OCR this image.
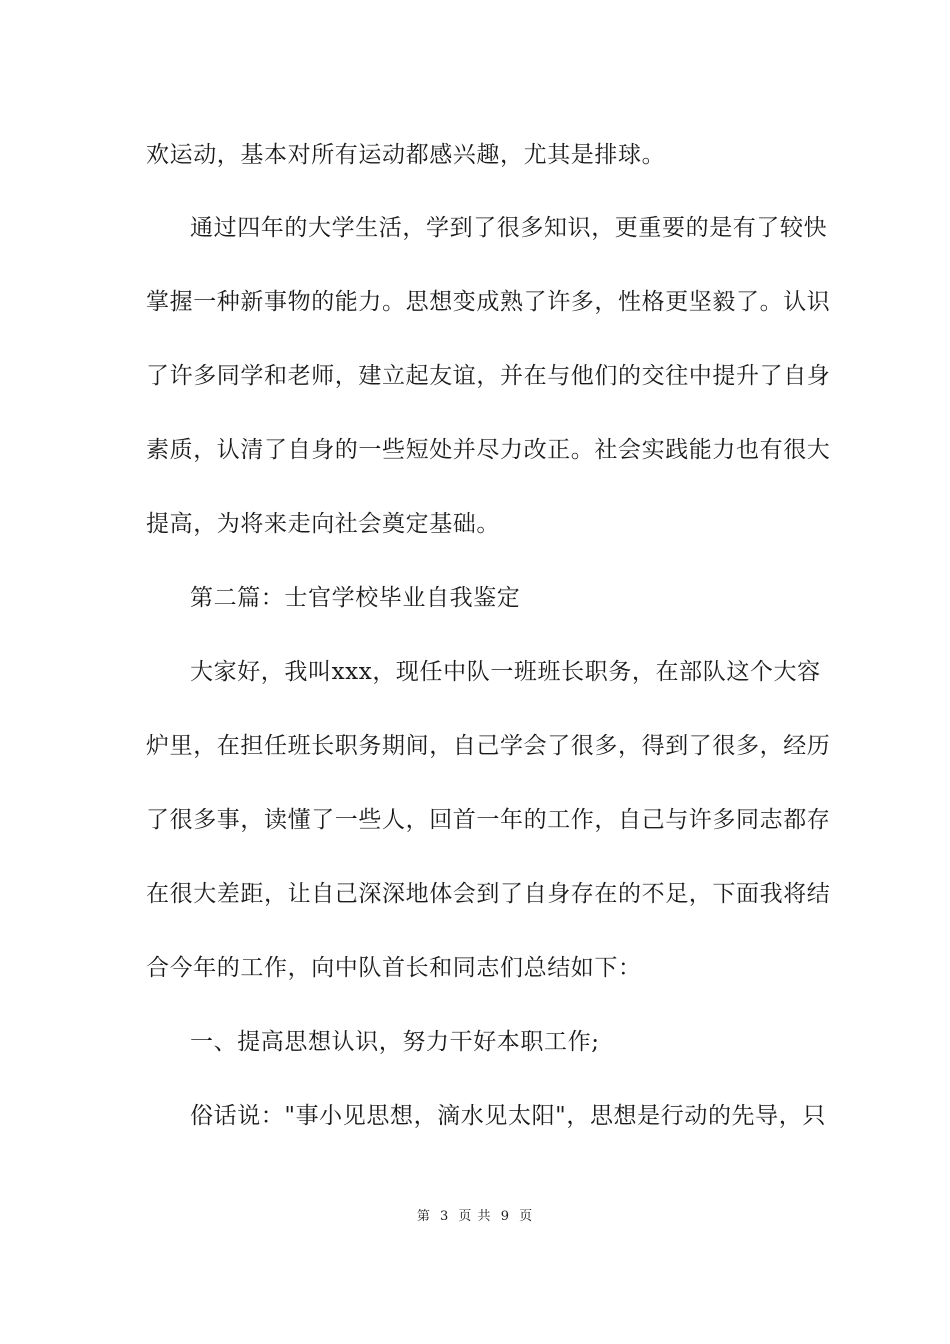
欢运动，基本对所有运动都感兴趣，尤其是排球。
通过四年的大学生活，学到了很多知识，更重要的是有了较快
掌握一种新事物的能力。思想变成熟了许多，性格更坚毅了。认识
了许多同学和老师，建立起友谊，并在与他们的交往中提升了自身
素质，认清了自身的一些短处并尽力改正。社会实践能力也有很大
提高，为将来走向社会奠定基础。
第二篇：士官学校毕业自我鉴定
大家好，我叫xxx，现任中队一班班长职务，在部队这个大容
炉里，在担任班长职务期间，自己学会了很多，得到了很多，经历
了很多事，读懂了一些人，回首一年的工作，自己与许多同志都存
在很大差距，让自己深深地体会到了自身存在的不足，下面我将结
合今年的工作，向中队首长和同志们总结如下：
一、提高思想认识，努力干好本职工作;
俗话说："事小见思想，滴水见太阳"，思想是行动的先导，只
第 3 页 共 9 页
